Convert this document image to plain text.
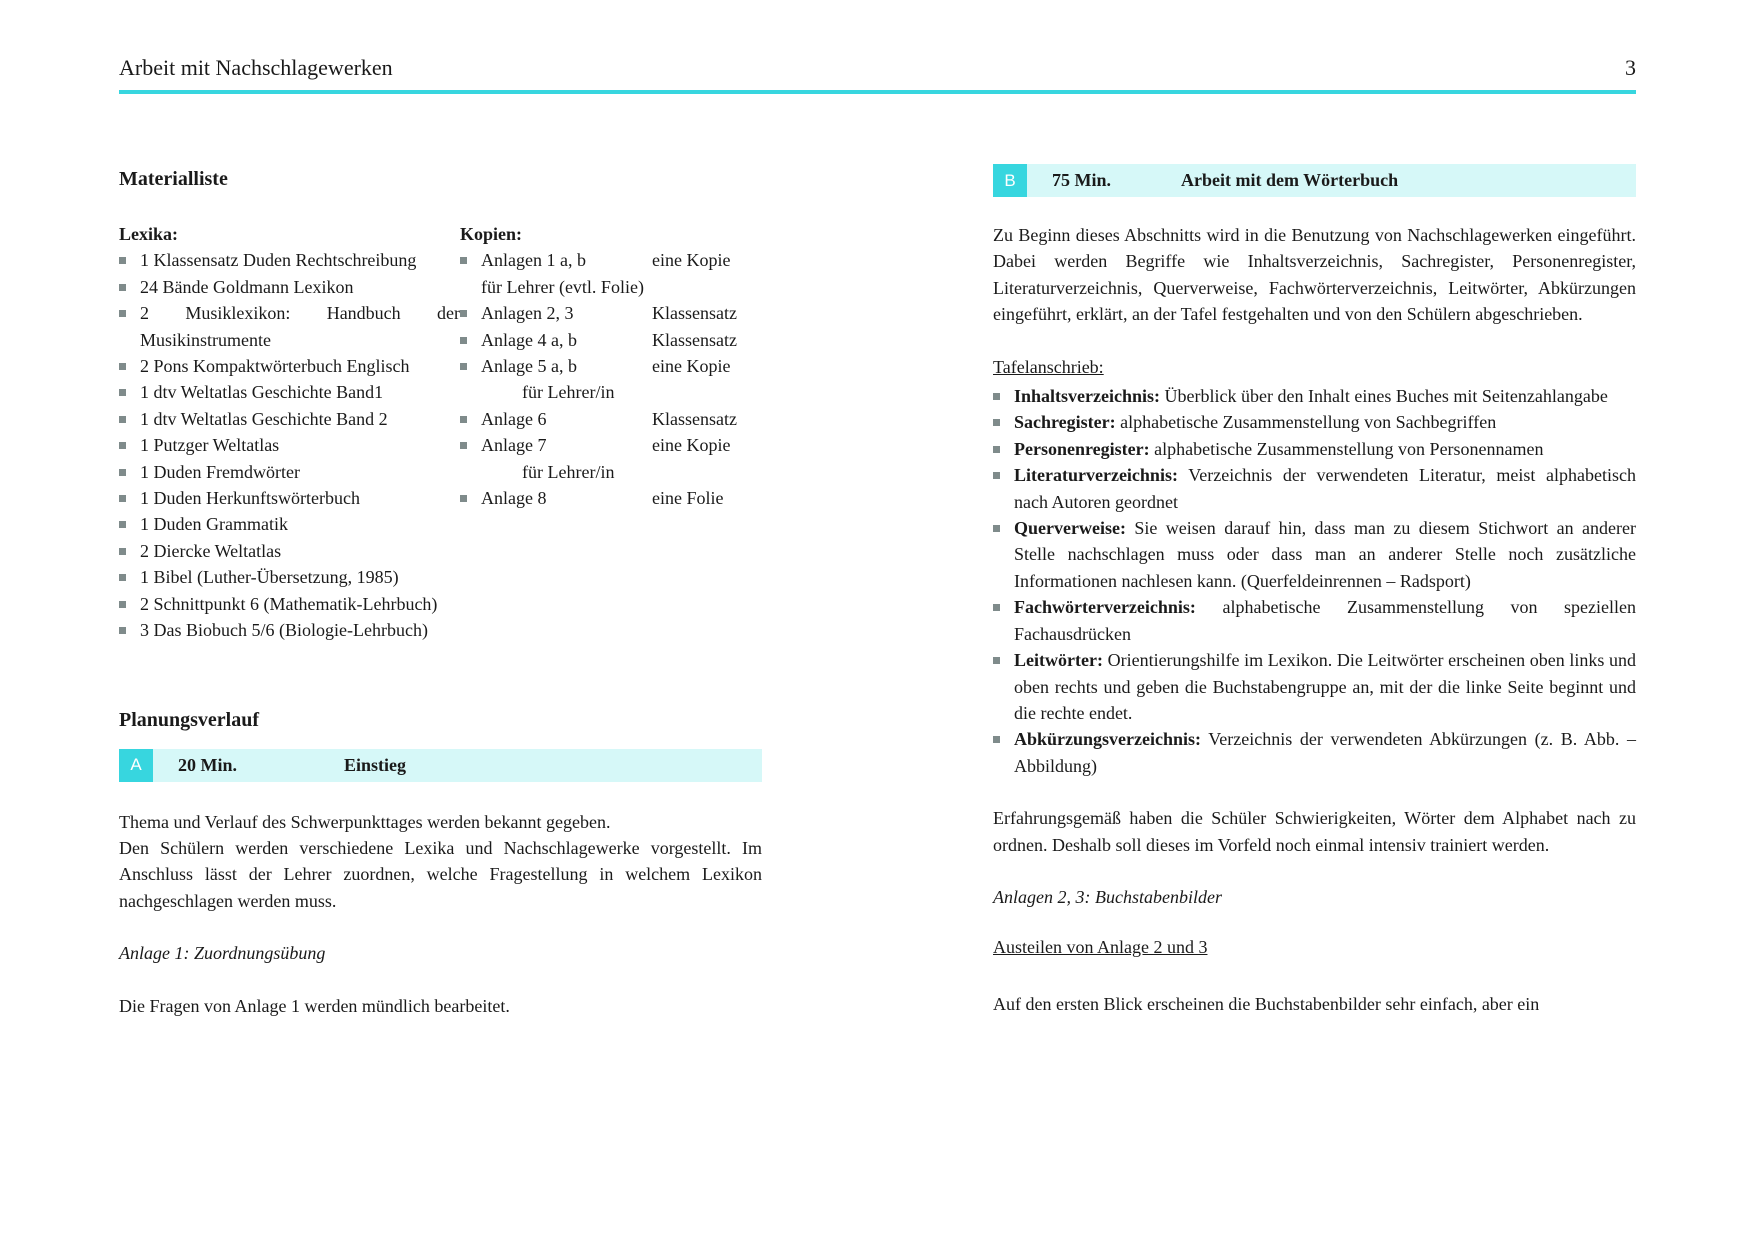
Arbeit mit Nachschlagewerken	3
Materialliste
Lexika:
1 Klassensatz Duden Rechtschreibung
24 Bände Goldmann Lexikon
2 Musiklexikon: Handbuch der Musikinstrumente
2 Pons Kompaktwörterbuch Englisch
1 dtv Weltatlas Geschichte Band1
1 dtv Weltatlas Geschichte Band 2
1 Putzger Weltatlas
1 Duden Fremdwörter
1 Duden Herkunftswörterbuch
1 Duden Grammatik
2 Diercke Weltatlas
1 Bibel (Luther-Übersetzung, 1985)
2 Schnittpunkt 6 (Mathematik-Lehrbuch)
3 Das Biobuch 5/6 (Biologie-Lehrbuch)
Kopien:
Anlagen 1 a, b	eine Kopie
für Lehrer (evtl. Folie)
Anlagen 2, 3	Klassensatz
Anlage 4 a, b	Klassensatz
Anlage 5 a, b	eine Kopie
für Lehrer/in
Anlage 6	Klassensatz
Anlage 7	eine Kopie
für Lehrer/in
Anlage 8	eine Folie
Planungsverlauf
A	20 Min.	Einstieg

Thema und Verlauf des Schwerpunkttages werden bekannt gegeben.

Den Schülern werden verschiedene Lexika und Nachschlagewerke vorgestellt. Im Anschluss lässt der Lehrer zuordnen, welche Fragestellung in welchem Lexikon nachgeschlagen werden muss.

Anlage 1: Zuordnungsübung

Die Fragen von Anlage 1 werden mündlich bearbeitet.

B	75 Min.	Arbeit mit dem Wörterbuch

Zu Beginn dieses Abschnitts wird in die Benutzung von Nachschlagewerken eingeführt. Dabei werden Begriffe wie Inhaltsverzeichnis, Sachregister, Personenregister, Literaturverzeichnis, Querverweise, Fachwörterverzeichnis, Leitwörter, Abkürzungen eingeführt, erklärt, an der Tafel festgehalten und von den Schülern abgeschrieben.

Tafelanschrieb:

Inhaltsverzeichnis: Überblick über den Inhalt eines Buches mit Seitenzahlangabe
Sachregister: alphabetische Zusammenstellung von Sachbegriffen
Personenregister: alphabetische Zusammenstellung von Personennamen
Literaturverzeichnis: Verzeichnis der verwendeten Literatur, meist alphabetisch nach Autoren geordnet
Querverweise: Sie weisen darauf hin, dass man zu diesem Stichwort an anderer Stelle nachschlagen muss oder dass man an anderer Stelle noch zusätzliche Informationen nachlesen kann. (Querfeldeinrennen – Radsport)
Fachwörterverzeichnis: alphabetische Zusammenstellung von speziellen Fachausdrücken
Leitwörter: Orientierungshilfe im Lexikon. Die Leitwörter erscheinen oben links und oben rechts und geben die Buchstabengruppe an, mit der die linke Seite beginnt und die rechte endet.
Abkürzungsverzeichnis: Verzeichnis der verwendeten Abkürzungen (z. B. Abb. – Abbildung)

Erfahrungsgemäß haben die Schüler Schwierigkeiten, Wörter dem Alphabet nach zu ordnen. Deshalb soll dieses im Vorfeld noch einmal intensiv trainiert werden.

Anlagen 2, 3: Buchstabenbilder

Austeilen von Anlage 2 und 3

Auf den ersten Blick erscheinen die Buchstabenbilder sehr einfach, aber ein
